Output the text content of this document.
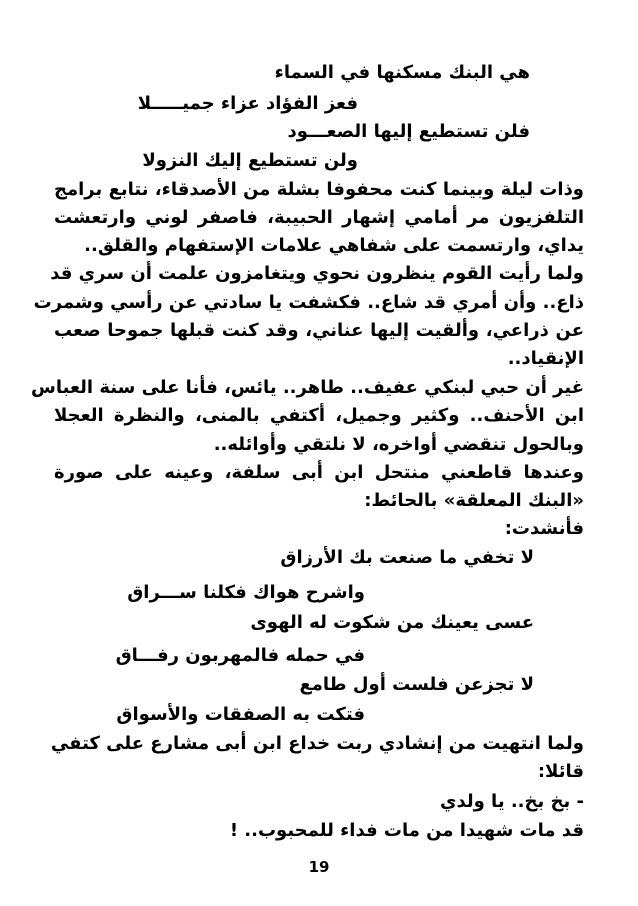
هي البنك مسكنها في السماء
فعز الفؤاد عزاء جميـــــلا
فلن تستطيع إليها الصعـــود
ولن تستطيع إليك النزولا
وذات ليلة وبينما كنت محفوفا بشلة من الأصدقاء، نتابع برامج
التلفزيون مر أمامي إشهار الحبيبة، فاصفر لوني وارتعشت
يداي، وارتسمت على شفاهي علامات الإستفهام والقلق..
ولما رأيت القوم ينظرون نحوي ويتغامزون علمت أن سري قد
ذاع.. وأن أمري قد شاع.. فكشفت يا سادتي عن رأسي وشمرت
عن ذراعي، وألقيت إليها عناني، وقد كنت قبلها جموحا صعب
الإنقياد..
غير أن حبي لبنكي عفيف.. طاهر.. يائس، فأنا على سنة العباس
ابن الأحنف.. وكثير وجميل، أكتفي بالمنى، والنظرة العجلا
وبالحول تنقضي أواخره، لا نلتقي وأوائله..
وعندها قاطعني منتحل ابن أبى سلفة، وعينه على صورة
«البنك المعلقة» بالحائط:
فأنشدت:
لا تخفي ما صنعت بك الأرزاق
واشرح هواك فكلنا ســـراق
عسى يعينك من شكوت له الهوى
في حمله فالمهربون رفـــاق
لا تجزعن فلست أول طامع
فتكت به الصفقات والأسواق
ولما انتهيت من إنشادي ربت خداع ابن أبى مشارع على كتفي
قائلا:
- بخ بخ.. يا ولدي
قد مات شهيدا من مات فداء للمحبوب.. !
19
